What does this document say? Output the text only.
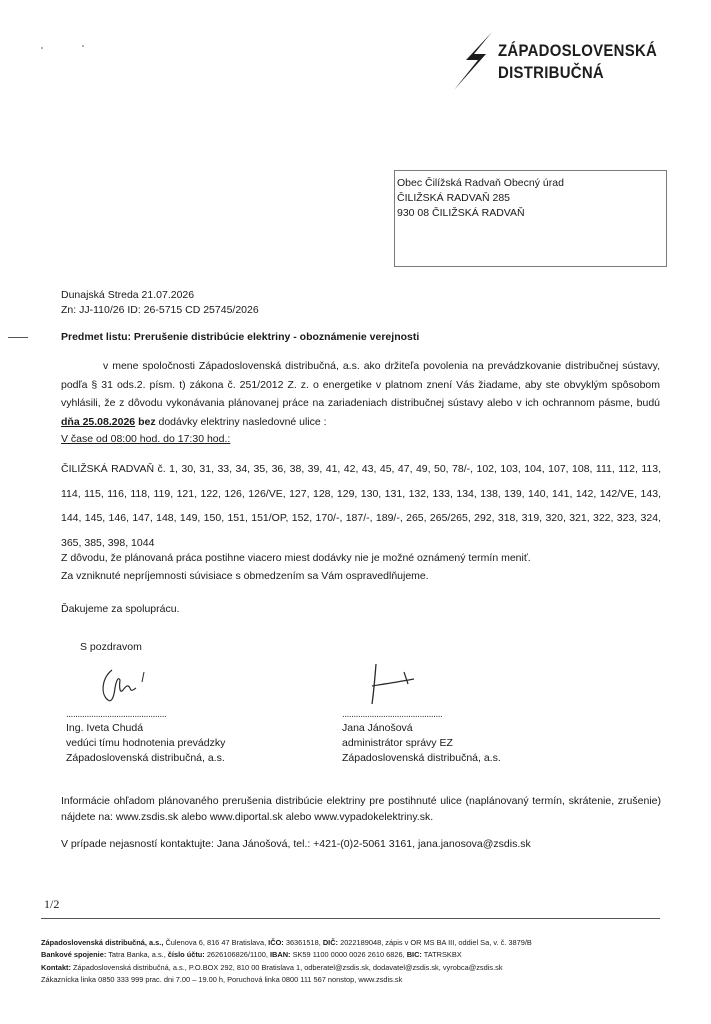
ZÁPADOSLOVENSKÁ
DISTRIBUČNÁ
Obec Čilížská Radvaň Obecný úrad
ČILIŽSKÁ RADVAŇ 285
930 08 ČILIŽSKÁ RADVAŇ
Dunajská Streda 21.07.2026
Zn: JJ-110/26 ID: 26-5715 CD 25745/2026
Predmet listu: Prerušenie distribúcie elektriny - oboznámenie verejnosti
v mene spoločnosti Západoslovenská distribučná, a.s. ako držiteľa povolenia na prevádzkovanie distribučnej sústavy, podľa § 31 ods.2. písm. t) zákona č. 251/2012 Z. z. o energetike v platnom znení Vás žiadame, aby ste obvyklým spôsobom vyhlásili, že z dôvodu vykonávania plánovanej práce na zariadeniach distribučnej sústavy alebo v ich ochrannom pásme, budú dňa 25.08.2026 bez dodávky elektriny nasledovné ulice :
V čase od 08:00 hod. do 17:30 hod.:
ČILIŽSKÁ RADVAŇ č. 1, 30, 31, 33, 34, 35, 36, 38, 39, 41, 42, 43, 45, 47, 49, 50, 78/-, 102, 103, 104, 107, 108, 111, 112, 113, 114, 115, 116, 118, 119, 121, 122, 126, 126/VE, 127, 128, 129, 130, 131, 132, 133, 134, 138, 139, 140, 141, 142, 142/VE, 143, 144, 145, 146, 147, 148, 149, 150, 151, 151/OP, 152, 170/-, 187/-, 189/-, 265, 265/265, 292, 318, 319, 320, 321, 322, 323, 324, 365, 385, 398, 1044
Z dôvodu, že plánovaná práca postihne viacero miest dodávky nie je možné oznámený termín meniť.
Za vzniknuté nepríjemnosti súvisiace s obmedzením sa Vám ospravedlňujeme.
Ďakujeme za spoluprácu.
S pozdravom
............................................	............................................
Ing. Iveta Chudá
vedúci tímu hodnotenia prevádzky
Západoslovenská distribučná, a.s.
Jana Jánošová
administrátor správy EZ
Západoslovenská distribučná, a.s.
Informácie ohľadom plánovaného prerušenia distribúcie elektriny pre postihnuté ulice (naplánovaný termín, skrátenie, zrušenie) nájdete na: www.zsdis.sk alebo www.diportal.sk alebo www.vypadokelektriny.sk.
V prípade nejasností kontaktujte: Jana Jánošová, tel.: +421-(0)2-5061 3161, jana.janosova@zsdis.sk
1/2
Západoslovenská distribučná, a.s., Čulenova 6, 816 47 Bratislava, IČO: 36361518, DIČ: 2022189048, zápis v OR MS BA III, oddiel Sa, v. č. 3879/B
Bankové spojenie: Tatra Banka, a.s., číslo účtu: 2626106826/1100, IBAN: SK59 1100 0000 0026 2610 6826, BIC: TATRSKBX
Kontakt: Západoslovenská distribučná, a.s., P.O.BOX 292, 810 00 Bratislava 1, odberatel@zsdis.sk, dodavatel@zsdis.sk, vyrobca@zsdis.sk
Zákaznícka linka 0850 333 999 prac. dni 7.00 – 19.00 h, Poruchová linka 0800 111 567 nonstop, www.zsdis.sk
